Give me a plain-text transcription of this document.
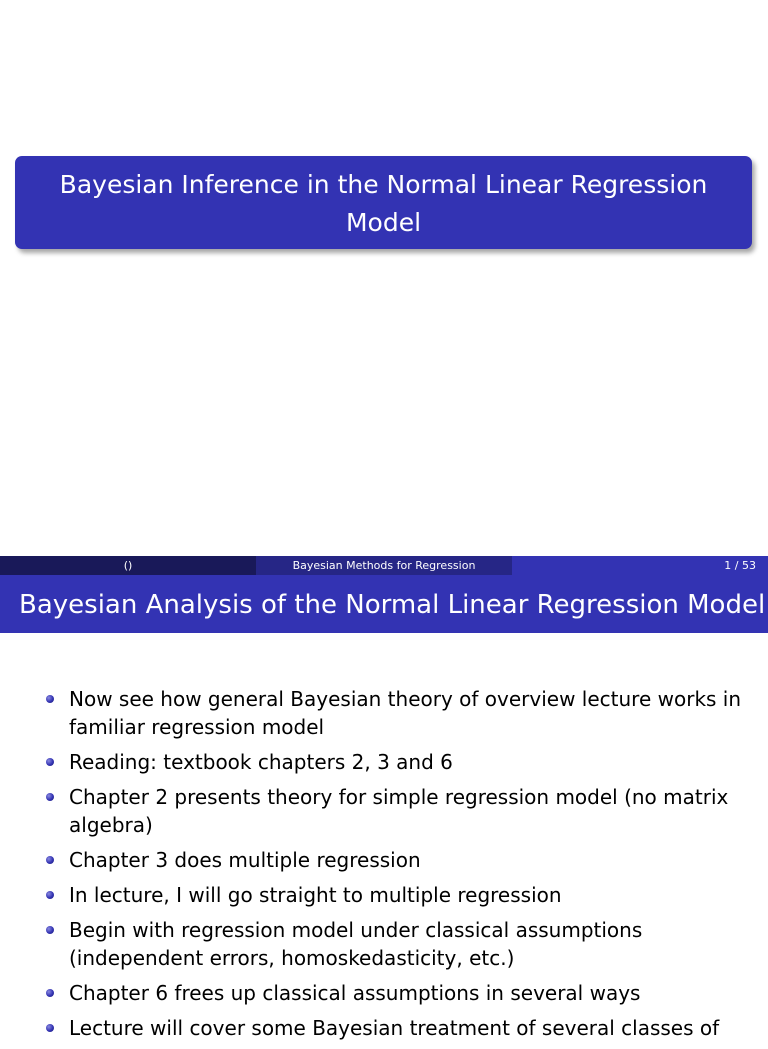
Bayesian Inference in the Normal Linear Regression Model
()	Bayesian Methods for Regression	1 / 53
Bayesian Analysis of the Normal Linear Regression Model
Now see how general Bayesian theory of overview lecture works in familiar regression model
Reading: textbook chapters 2, 3 and 6
Chapter 2 presents theory for simple regression model (no matrix algebra)
Chapter 3 does multiple regression
In lecture, I will go straight to multiple regression
Begin with regression model under classical assumptions (independent errors, homoskedasticity, etc.)
Chapter 6 frees up classical assumptions in several ways
Lecture will cover some Bayesian treatment of several classes of
